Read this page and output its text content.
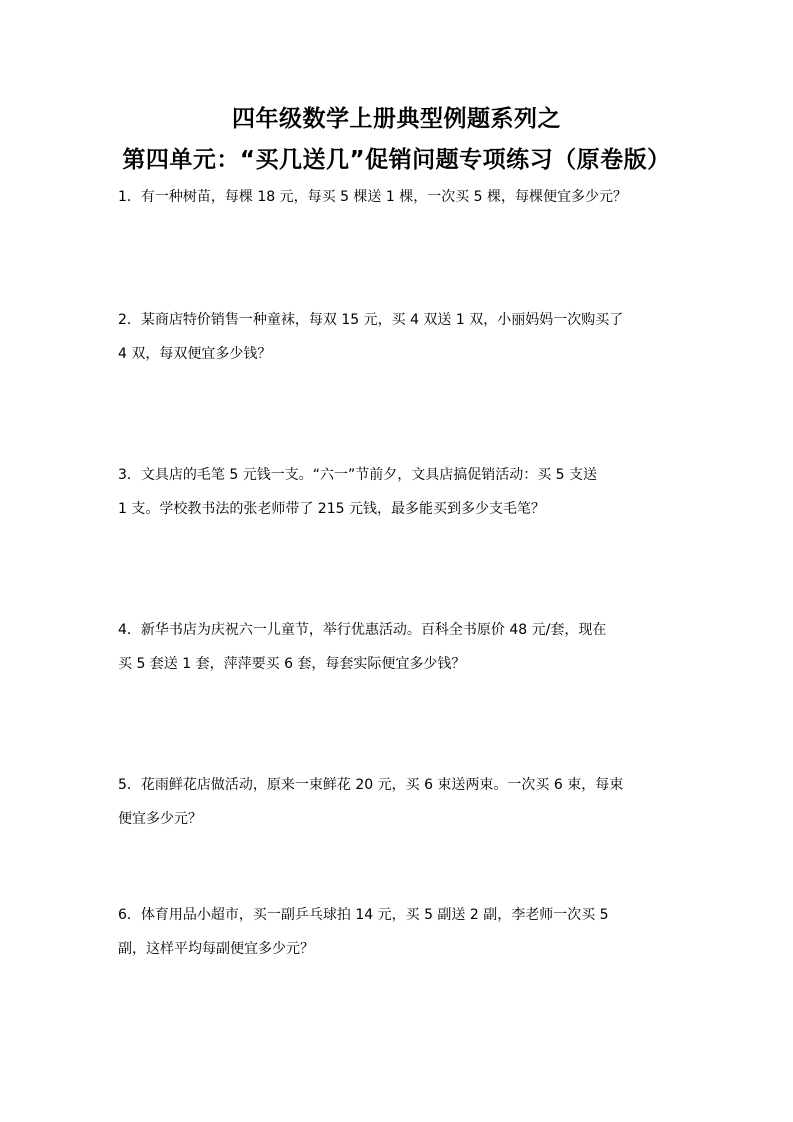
四年级数学上册典型例题系列之
第四单元：“买几送几”促销问题专项练习（原卷版）

1．有一种树苗，每棵 18 元，每买 5 棵送 1 棵，一次买 5 棵，每棵便宜多少元？

2．某商店特价销售一种童袜，每双 15 元，买 4 双送 1 双，小丽妈妈一次购买了

4 双，每双便宜多少钱？

3．文具店的毛笔 5 元钱一支。“六一”节前夕，文具店搞促销活动：买 5 支送

1 支。学校教书法的张老师带了 215 元钱，最多能买到多少支毛笔？

4．新华书店为庆祝六一儿童节，举行优惠活动。百科全书原价 48 元/套，现在

买 5 套送 1 套，萍萍要买 6 套，每套实际便宜多少钱？

5．花雨鲜花店做活动，原来一束鲜花 20 元，买 6 束送两束。一次买 6 束，每束

便宜多少元？

6．体育用品小超市，买一副乒乓球拍 14 元，买 5 副送 2 副，李老师一次买 5

副，这样平均每副便宜多少元？
